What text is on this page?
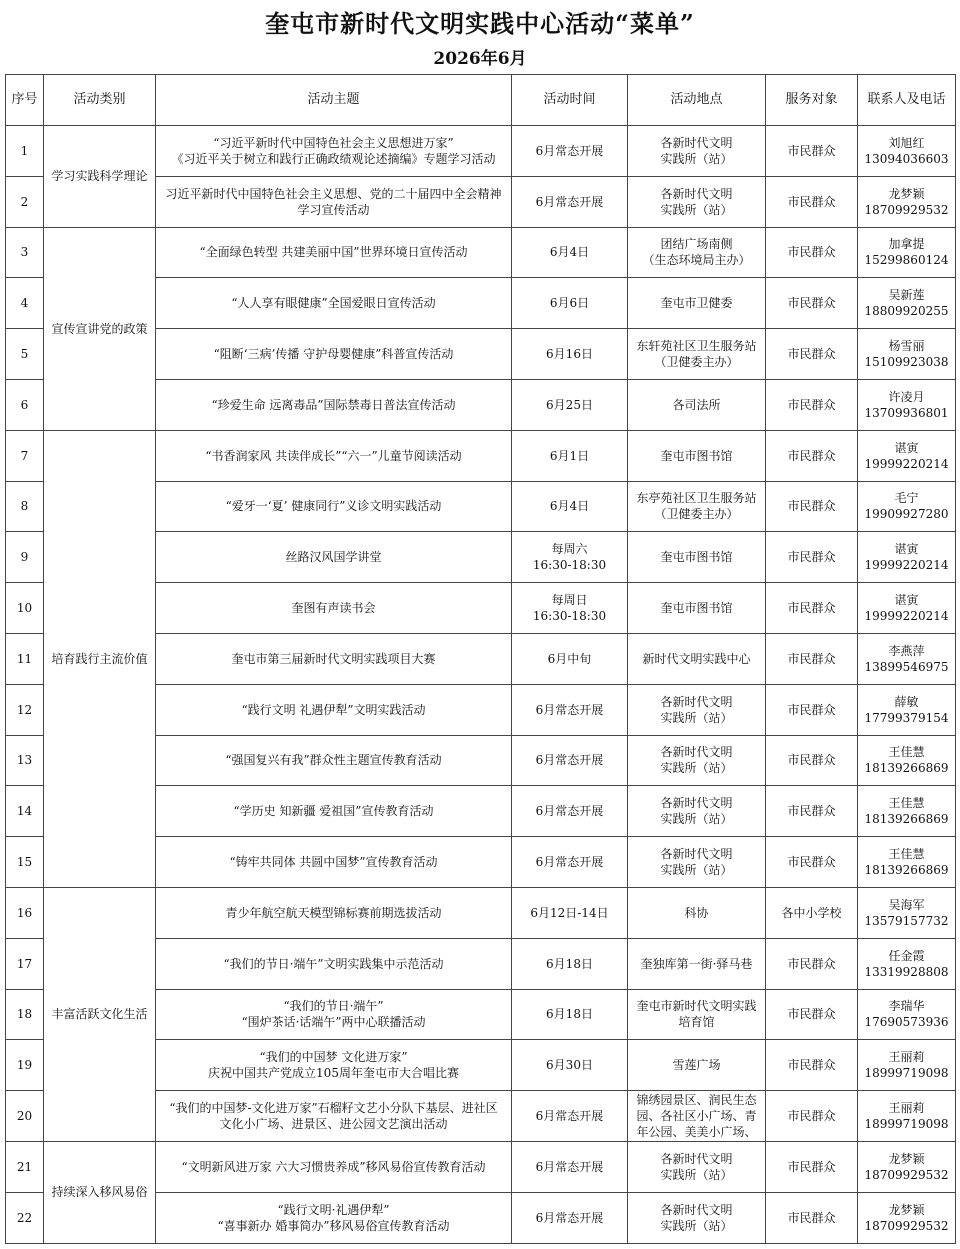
奎屯市新时代文明实践中心活动“菜单”
2026年6月
序号	活动类别	活动主题	活动时间	活动地点	服务对象	联系人及电话
1	学习实践科学理论	“习近平新时代中国特色社会主义思想进万家”
《习近平关于树立和践行正确政绩观论述摘编》专题学习活动	6月常态开展	各新时代文明
实践所（站）	市民群众	刘旭红
13094036603

2		习近平新时代中国特色社会主义思想、党的二十届四中全会精神
学习宣传活动	6月常态开展	各新时代文明
实践所（站）	市民群众	龙梦颖
18709929532

3	宣传宣讲党的政策	“全面绿色转型 共建美丽中国”世界环境日宣传活动	6月4日	团结广场南侧
（生态环境局主办）	市民群众	加拿提
15299860124

4		“人人享有眼健康”全国爱眼日宣传活动	6月6日	奎屯市卫健委	市民群众	吴新莲
18809920255

5		“阻断‘三病’传播 守护母婴健康”科普宣传活动	6月16日	东轩苑社区卫生服务站
（卫健委主办）	市民群众	杨雪丽
15109923038

6		“珍爱生命 远离毒品”国际禁毒日普法宣传活动	6月25日	各司法所	市民群众	许凌月
13709936801

7	培育践行主流价值	“书香润家风 共读伴成长”“六一”儿童节阅读活动	6月1日	奎屯市图书馆	市民群众	谌寅
19999220214

8		“爱牙一‘夏’ 健康同行”义诊文明实践活动	6月4日	东亭苑社区卫生服务站
（卫健委主办）	市民群众	毛宁
19909927280

9		丝路汉风国学讲堂	每周六
16:30-18:30	奎屯市图书馆	市民群众	谌寅
19999220214

10		奎图有声读书会	每周日
16:30-18:30	奎屯市图书馆	市民群众	谌寅
19999220214

11		奎屯市第三届新时代文明实践项目大赛	6月中旬	新时代文明实践中心	市民群众	李燕萍
13899546975

12		“践行文明 礼遇伊犁”文明实践活动	6月常态开展	各新时代文明
实践所（站）	市民群众	薛敏
17799379154

13		“强国复兴有我”群众性主题宣传教育活动	6月常态开展	各新时代文明
实践所（站）	市民群众	王佳慧
18139266869

14		“学历史 知新疆 爱祖国”宣传教育活动	6月常态开展	各新时代文明
实践所（站）	市民群众	王佳慧
18139266869

15		“铸牢共同体 共圆中国梦”宣传教育活动	6月常态开展	各新时代文明
实践所（站）	市民群众	王佳慧
18139266869

16	丰富活跃文化生活	青少年航空航天模型锦标赛前期选拔活动	6月12日-14日	科协	各中小学校	吴海军
13579157732

17		“我们的节日·端午”文明实践集中示范活动	6月18日	奎独库第一街·驿马巷	市民群众	任金霞
13319928808

18		“我们的节日·端午”
“围炉茶话·话端午”两中心联播活动	6月18日	奎屯市新时代文明实践
培育馆	市民群众	李瑞华
17690573936

19		“我们的中国梦 文化进万家”
庆祝中国共产党成立105周年奎屯市大合唱比赛	6月30日	雪莲广场	市民群众	王丽莉
18999719098

20		“我们的中国梦-文化进万家”石榴籽文艺小分队下基层、进社区
文化小广场、进景区、进公园文艺演出活动	6月常态开展	锦绣园景区、润民生态
园、各社区小广场、青
年公园、美美小广场、	市民群众	王丽莉
18999719098

21	持续深入移风易俗	“文明新风进万家 六大习惯贵养成”移风易俗宣传教育活动	6月常态开展	各新时代文明
实践所（站）	市民群众	龙梦颖
18709929532

22		“践行文明·礼遇伊犁”
“喜事新办 婚事简办”移风易俗宣传教育活动	6月常态开展	各新时代文明
实践所（站）	市民群众	龙梦颖
18709929532
